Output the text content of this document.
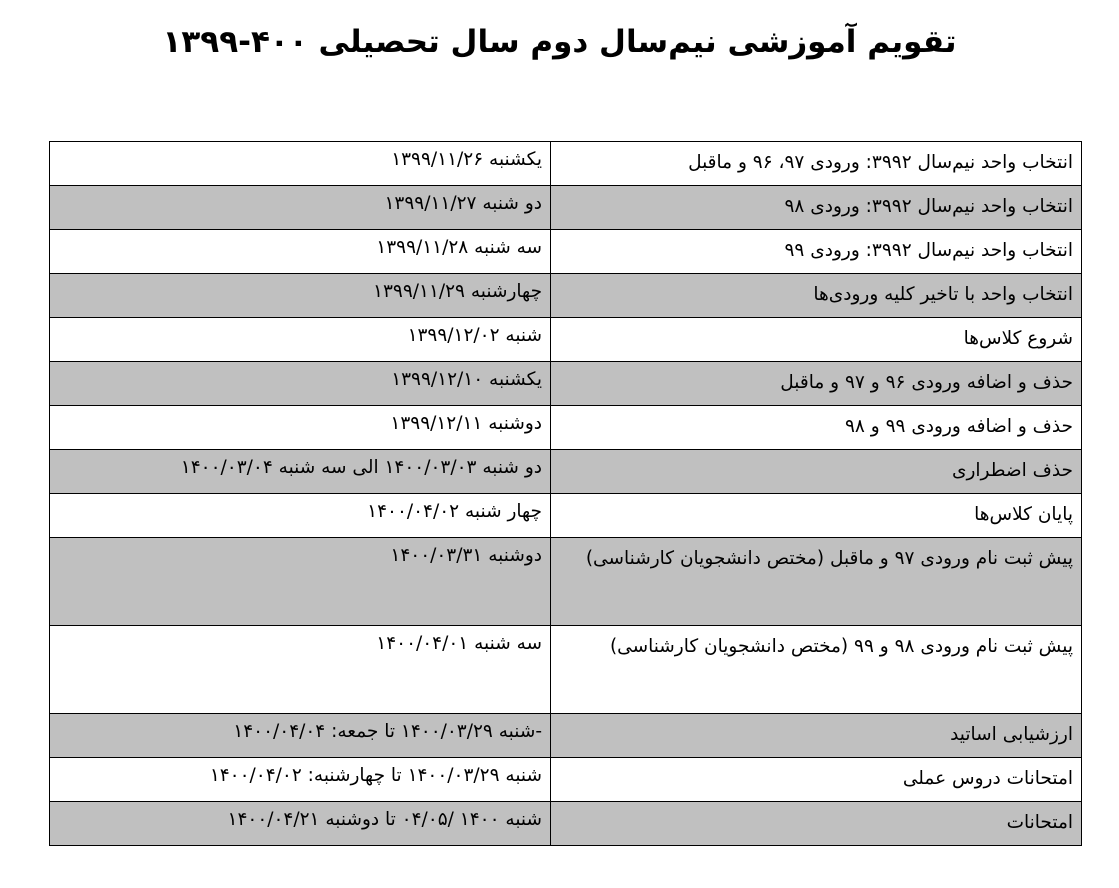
تقویم آموزشی نیم‌سال دوم سال تحصیلی ۴۰۰-۱۳۹۹
انتخاب واحد نیم‌سال ۳۹۹۲: ورودی ۹۷، ۹۶ و ماقبل	یکشنبه ۱۳۹۹/۱۱/۲۶
انتخاب واحد نیم‌سال ۳۹۹۲: ورودی ۹۸	دو شنبه ۱۳۹۹/۱۱/۲۷
انتخاب واحد نیم‌سال ۳۹۹۲: ورودی ۹۹	سه شنبه ۱۳۹۹/۱۱/۲۸
انتخاب واحد با تاخیر کلیه ورودی‌ها	چهارشنبه ۱۳۹۹/۱۱/۲۹
شروع کلاس‌ها	شنبه ۱۳۹۹/۱۲/۰۲
حذف و اضافه ورودی ۹۶ و ۹۷ و ماقبل	یکشنبه ۱۳۹۹/۱۲/۱۰
حذف و اضافه ورودی ۹۹ و ۹۸	دوشنبه ۱۳۹۹/۱۲/۱۱
حذف اضطراری	دو شنبه ۱۴۰۰/۰۳/۰۳ الی سه شنبه ۱۴۰۰/۰۳/۰۴
پایان کلاس‌ها	چهار شنبه ۱۴۰۰/۰۴/۰۲
پیش ثبت نام ورودی ۹۷ و ماقبل (مختص دانشجویان کارشناسی)	دوشنبه ۱۴۰۰/۰۳/۳۱
پیش ثبت نام ورودی ۹۸ و ۹۹ (مختص دانشجویان کارشناسی)	سه شنبه ۱۴۰۰/۰۴/۰۱
ارزشیابی اساتید	-شنبه ۱۴۰۰/۰۳/۲۹ تا جمعه: ۱۴۰۰/۰۴/۰۴
امتحانات دروس عملی	شنبه ۱۴۰۰/۰۳/۲۹ تا چهارشنبه: ۱۴۰۰/۰۴/۰۲
امتحانات	شنبه ۱۴۰۰ /۰۴/۰۵ تا دوشنبه ۱۴۰۰/۰۴/۲۱
